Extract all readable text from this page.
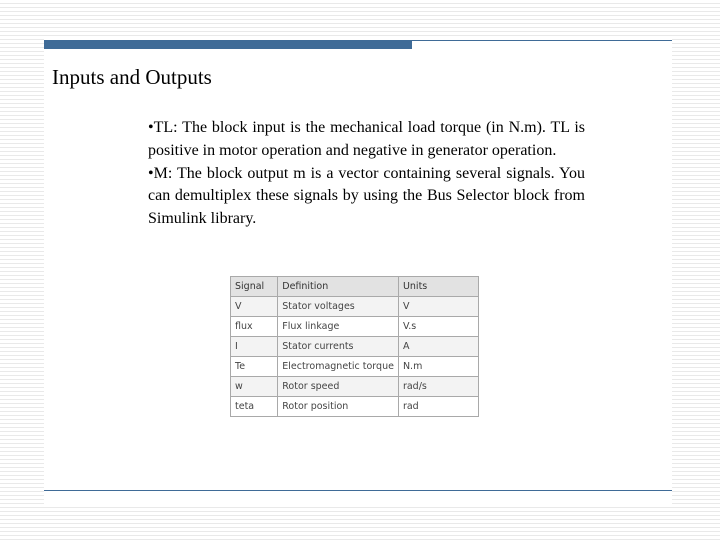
Inputs and Outputs

•TL: The block input is the mechanical load torque (in N.m). TL is positive in motor operation and negative in generator operation.

•M: The block output m is a vector containing several signals. You can demultiplex these signals by using the Bus Selector block from Simulink library.

Signal	Definition	Units
V	Stator voltages	V
flux	Flux linkage	V.s
I	Stator currents	A
Te	Electromagnetic torque	N.m
w	Rotor speed	rad/s
teta	Rotor position	rad
